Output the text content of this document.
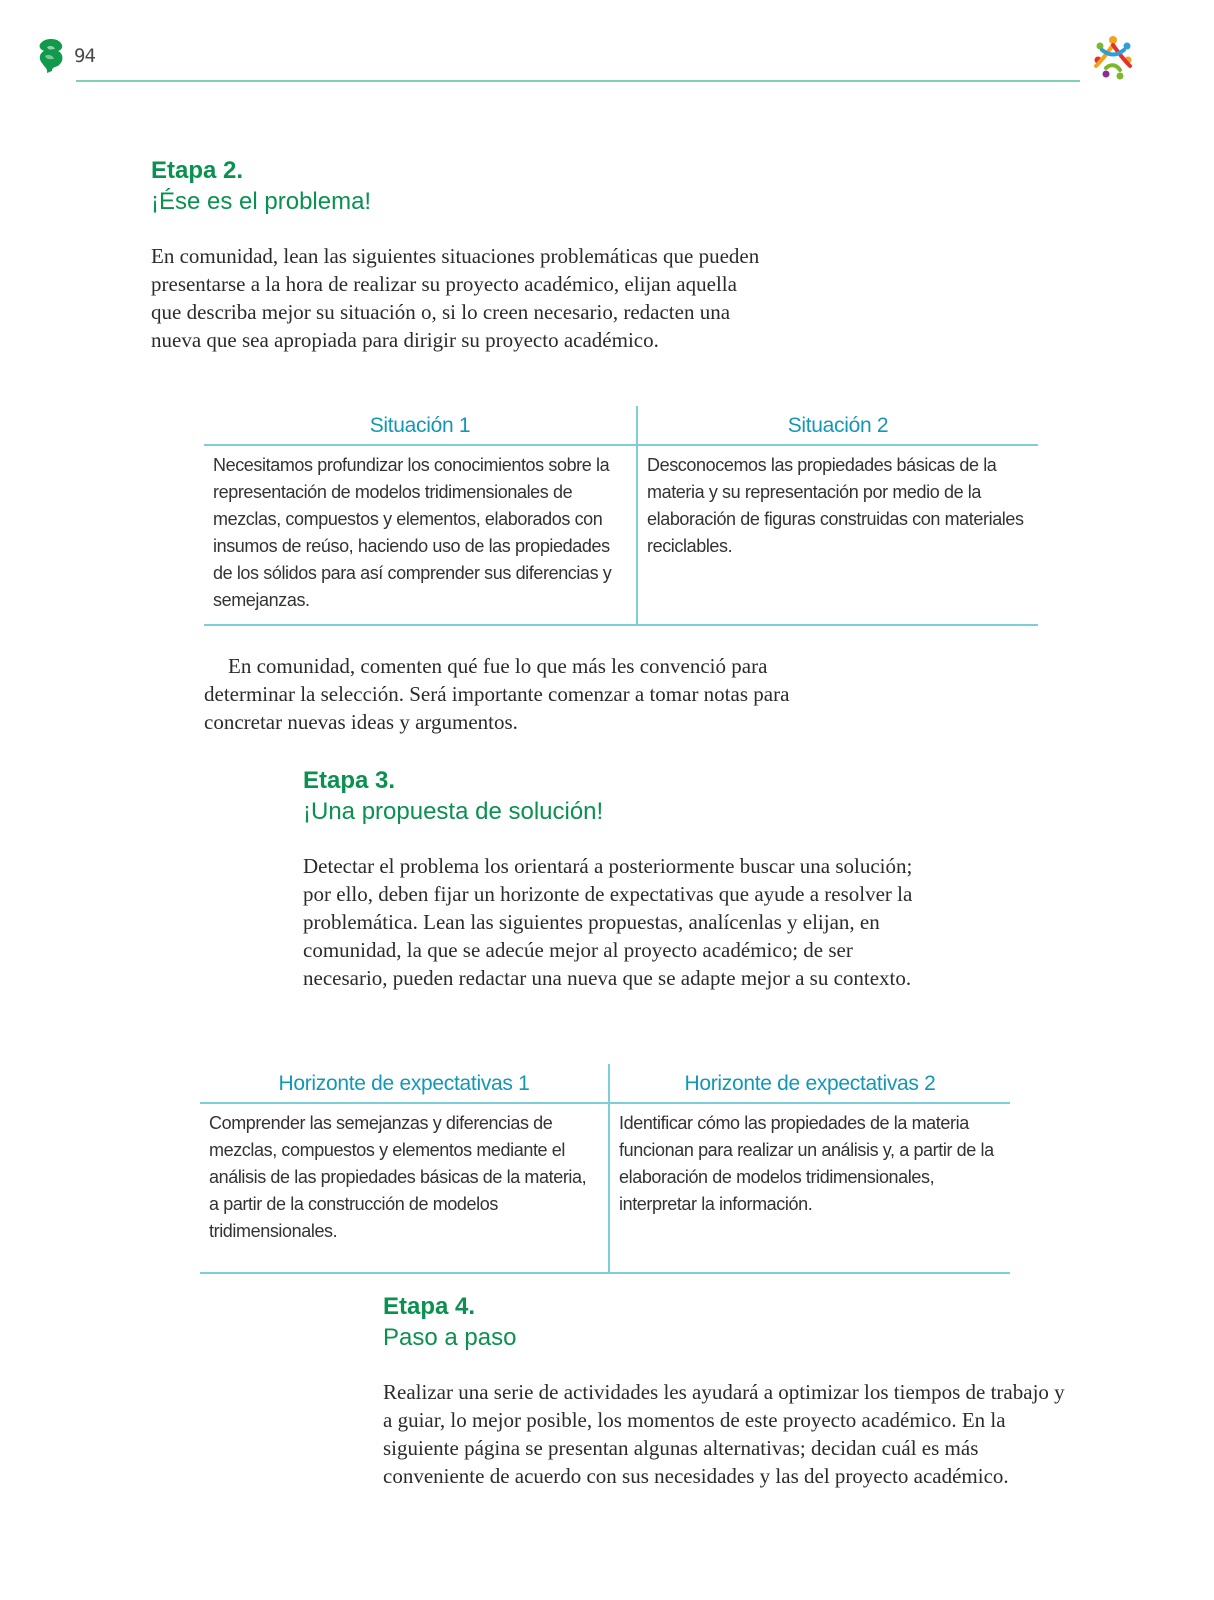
94
Etapa 2.
¡Ése es el problema!

En comunidad, lean las siguientes situaciones problemáticas que pueden presentarse a la hora de realizar su proyecto académico, elijan aquella que describa mejor su situación o, si lo creen necesario, redacten una nueva que sea apropiada para dirigir su proyecto académico.

Situación 1
Necesitamos profundizar los conocimientos sobre la representación de modelos tridimensionales de mezclas, compuestos y elementos, elaborados con insumos de reúso, haciendo uso de las propiedades de los sólidos para así comprender sus diferencias y semejanzas.
Situación 2
Desconocemos las propiedades básicas de la materia y su representación por medio de la elaboración de figuras construidas con materiales reciclables.

En comunidad, comenten qué fue lo que más les convenció para determinar la selección. Será importante comenzar a tomar notas para concretar nuevas ideas y argumentos.

Etapa 3.
¡Una propuesta de solución!

Detectar el problema los orientará a posteriormente buscar una solución; por ello, deben fijar un horizonte de expectativas que ayude a resolver la problemática. Lean las siguientes propuestas, analícenlas y elijan, en comunidad, la que se adecúe mejor al proyecto académico; de ser necesario, pueden redactar una nueva que se adapte mejor a su contexto.

Horizonte de expectativas 1
Comprender las semejanzas y diferencias de mezclas, compuestos y elementos mediante el análisis de las propiedades básicas de la materia, a partir de la construcción de modelos tridimensionales.
Horizonte de expectativas 2
Identificar cómo las propiedades de la materia funcionan para realizar un análisis y, a partir de la elaboración de modelos tridimensionales, interpretar la información.
Etapa 4.
Paso a paso

Realizar una serie de actividades les ayudará a optimizar los tiempos de trabajo y a guiar, lo mejor posible, los momentos de este proyecto académico. En la siguiente página se presentan algunas alternativas; decidan cuál es más conveniente de acuerdo con sus necesidades y las del proyecto académico.
